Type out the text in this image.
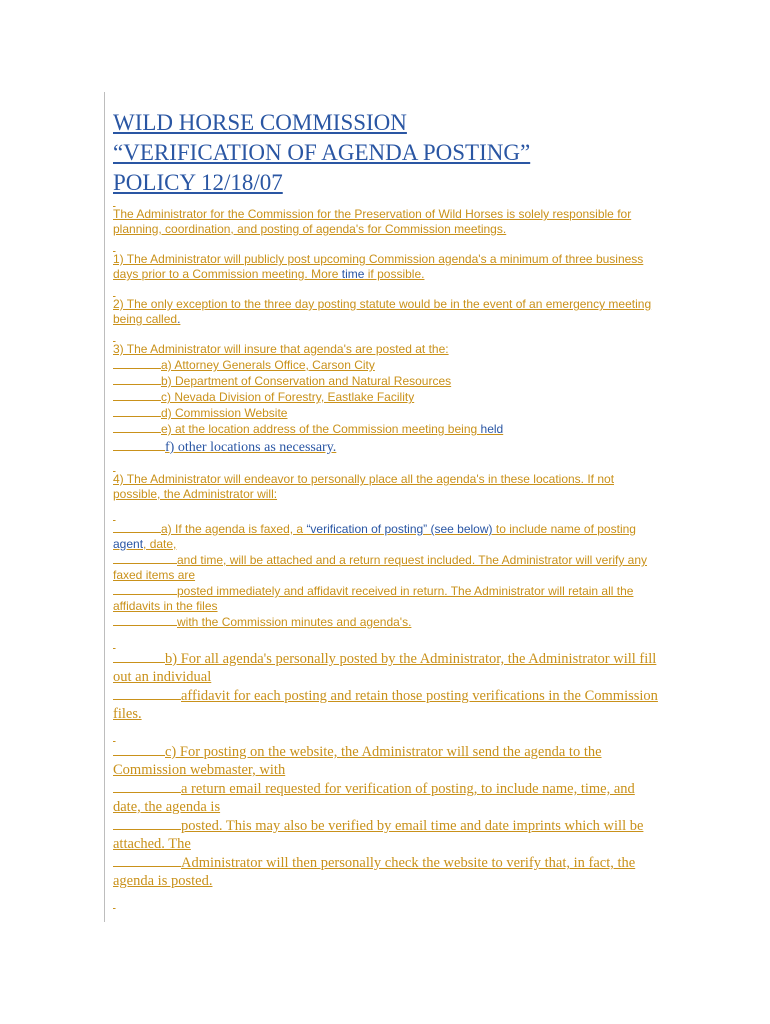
WILD HORSE COMMISSION
“VERIFICATION OF AGENDA POSTING”
POLICY 12/18/07

The Administrator for the Commission for the Preservation of Wild Horses is solely responsible for planning, coordination, and posting of agenda's for Commission meetings.

1) The Administrator will publicly post upcoming Commission agenda's a minimum of three business days prior to a Commission meeting. More time if possible.

2) The only exception to the three day posting statute would be in the event of an emergency meeting being called.

3) The Administrator will insure that agenda's are posted at the:

a) Attorney Generals Office, Carson City

b) Department of Conservation and Natural Resources

c) Nevada Division of Forestry, Eastlake Facility

d) Commission Website

e) at the location address of the Commission meeting being held

f) other locations as necessary.

4) The Administrator will endeavor to personally place all the agenda's in these locations. If not possible, the Administrator will:

a) If the agenda is faxed, a “verification of posting” (see below) to include name of posting agent, date,

and time, will be attached and a return request included. The Administrator will verify any faxed items are

posted immediately and affidavit received in return. The Administrator will retain all the affidavits in the files

with the Commission minutes and agenda's.

b) For all agenda's personally posted by the Administrator, the Administrator will fill out an individual

affidavit for each posting and retain those posting verifications in the Commission files.

c) For posting on the website, the Administrator will send the agenda to the Commission webmaster, with

a return email requested for verification of posting, to include name, time, and date, the agenda is

posted. This may also be verified by email time and date imprints which will be attached. The

Administrator will then personally check the website to verify that, in fact, the agenda is posted.
